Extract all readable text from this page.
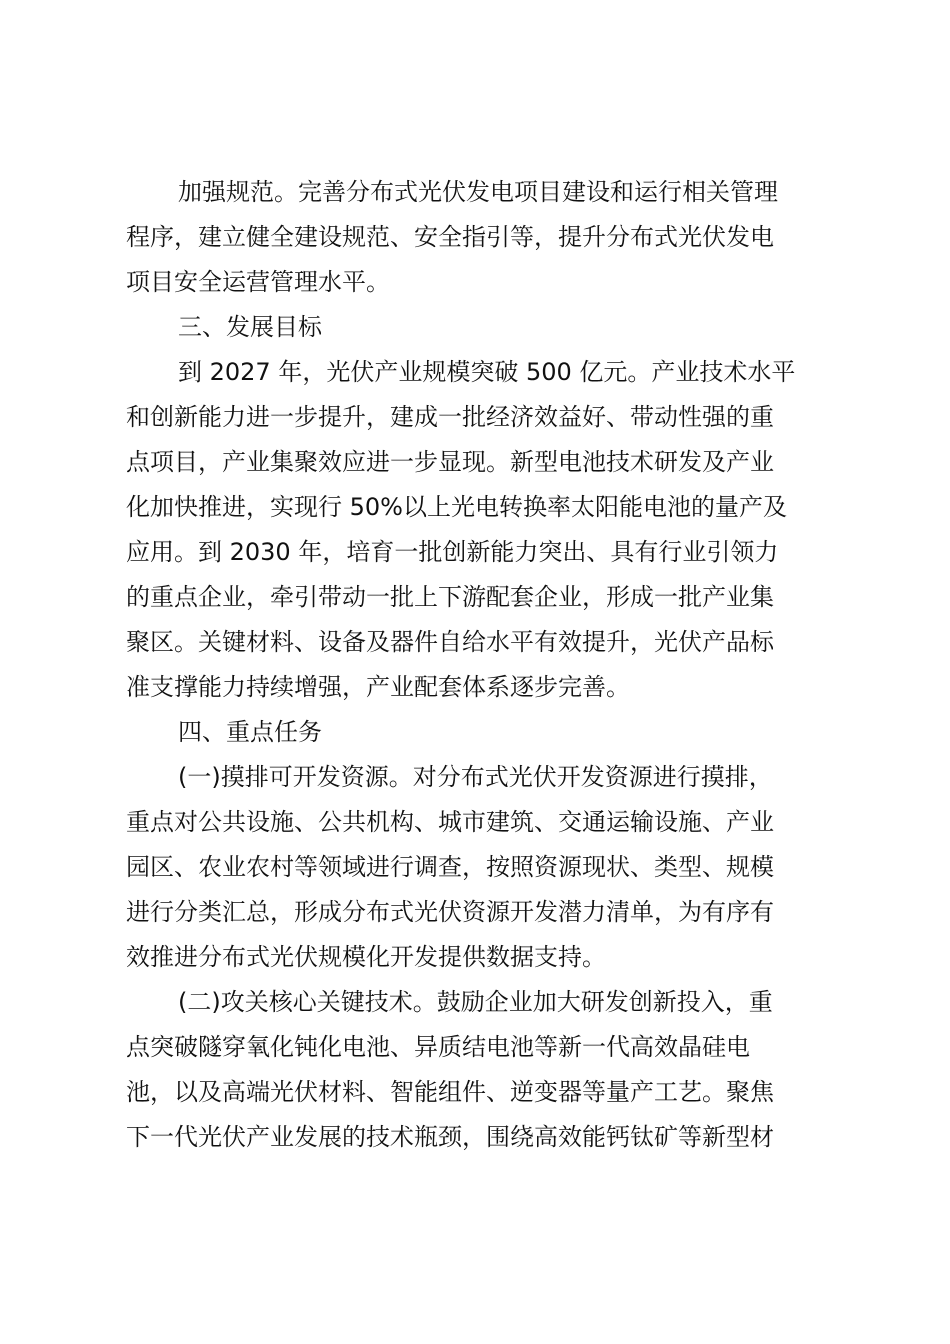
加强规范。完善分布式光伏发电项目建设和运行相关管理
程序，建立健全建设规范、安全指引等，提升分布式光伏发电
项目安全运营管理水平。
三、发展目标
到 2027 年，光伏产业规模突破 500 亿元。产业技术水平
和创新能力进一步提升，建成一批经济效益好、带动性强的重
点项目，产业集聚效应进一步显现。新型电池技术研发及产业
化加快推进，实现行 50%以上光电转换率太阳能电池的量产及
应用。到 2030 年，培育一批创新能力突出、具有行业引领力
的重点企业，牵引带动一批上下游配套企业，形成一批产业集
聚区。关键材料、设备及器件自给水平有效提升，光伏产品标
准支撑能力持续增强，产业配套体系逐步完善。
四、重点任务
(一)摸排可开发资源。对分布式光伏开发资源进行摸排，
重点对公共设施、公共机构、城市建筑、交通运输设施、产业
园区、农业农村等领域进行调查，按照资源现状、类型、规模
进行分类汇总，形成分布式光伏资源开发潜力清单，为有序有
效推进分布式光伏规模化开发提供数据支持。
(二)攻关核心关键技术。鼓励企业加大研发创新投入，重
点突破隧穿氧化钝化电池、异质结电池等新一代高效晶硅电
池，以及高端光伏材料、智能组件、逆变器等量产工艺。聚焦
下一代光伏产业发展的技术瓶颈，围绕高效能钙钛矿等新型材
